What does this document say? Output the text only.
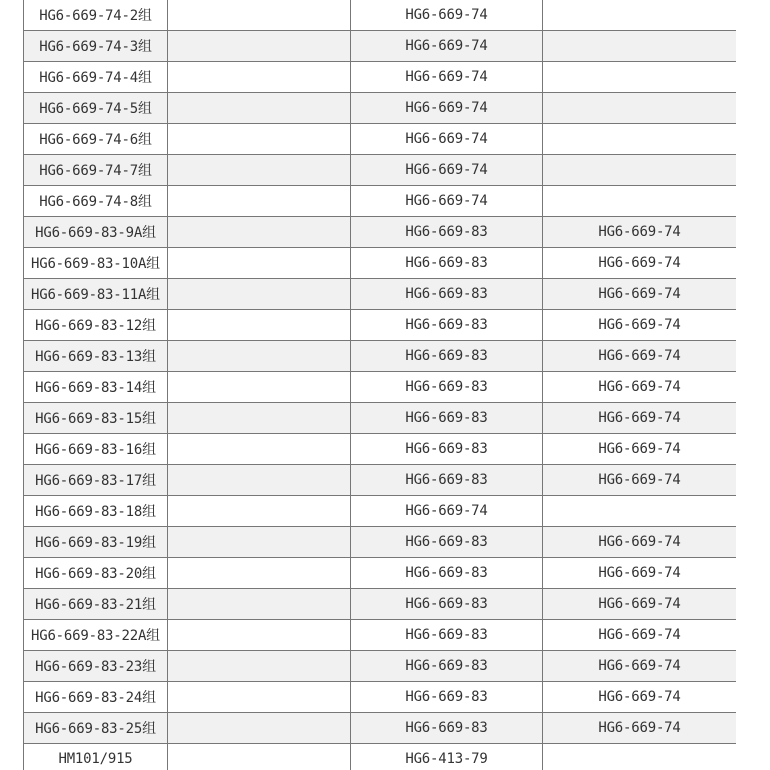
HG6-669-74-2组		HG6-669-74	
HG6-669-74-3组		HG6-669-74	
HG6-669-74-4组		HG6-669-74	
HG6-669-74-5组		HG6-669-74	
HG6-669-74-6组		HG6-669-74	
HG6-669-74-7组		HG6-669-74	
HG6-669-74-8组		HG6-669-74	
HG6-669-83-9A组		HG6-669-83	HG6-669-74
HG6-669-83-10A组		HG6-669-83	HG6-669-74
HG6-669-83-11A组		HG6-669-83	HG6-669-74
HG6-669-83-12组		HG6-669-83	HG6-669-74
HG6-669-83-13组		HG6-669-83	HG6-669-74
HG6-669-83-14组		HG6-669-83	HG6-669-74
HG6-669-83-15组		HG6-669-83	HG6-669-74
HG6-669-83-16组		HG6-669-83	HG6-669-74
HG6-669-83-17组		HG6-669-83	HG6-669-74
HG6-669-83-18组		HG6-669-74	
HG6-669-83-19组		HG6-669-83	HG6-669-74
HG6-669-83-20组		HG6-669-83	HG6-669-74
HG6-669-83-21组		HG6-669-83	HG6-669-74
HG6-669-83-22A组		HG6-669-83	HG6-669-74
HG6-669-83-23组		HG6-669-83	HG6-669-74
HG6-669-83-24组		HG6-669-83	HG6-669-74
HG6-669-83-25组		HG6-669-83	HG6-669-74
HM101/915		HG6-413-79	
